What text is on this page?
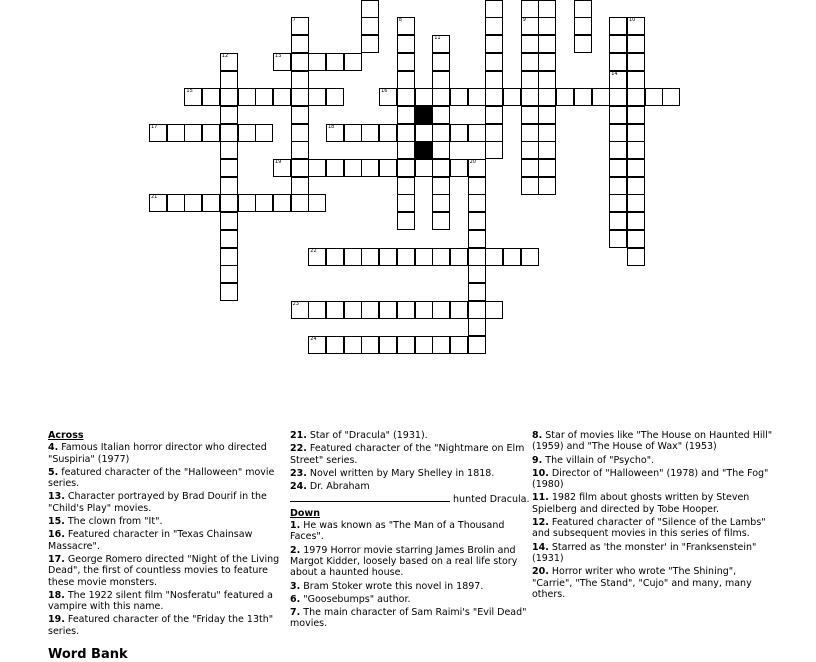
13
15	16
17	18
19	20
21
22
23
24
12
7	8
11
9
14
10
Across

4. Famous Italian horror director who directed "Suspiria" (1977)

5. featured character of the "Halloween" movie series.

13. Character portrayed by Brad Dourif in the "Child's Play" movies.

15. The clown from "It".

16. Featured character in "Texas Chainsaw Massacre".

17. George Romero directed "Night of the Living Dead", the first of countless movies to feature these movie monsters.

18. The 1922 silent film "Nosferatu" featured a vampire with this name.

19. Featured character of the "Friday the 13th" series.

21. Star of "Dracula" (1931).

22. Featured character of the "Nightmare on Elm Street" series.

23. Novel written by Mary Shelley in 1818.

24. Dr. Abraham
hunted Dracula.

Down

1. He was known as "The Man of a Thousand Faces".

2. 1979 Horror movie starring James Brolin and Margot Kidder, loosely based on a real life story about a haunted house.

3. Bram Stoker wrote this novel in 1897.

6. "Goosebumps" author.

7. The main character of Sam Raimi's "Evil Dead" movies.

8. Star of movies like "The House on Haunted Hill" (1959) and "The House of Wax" (1953)

9. The villain of "Psycho".

10. Director of "Halloween" (1978) and "The Fog" (1980)

11. 1982 film about ghosts written by Steven Spielberg and directed by Tobe Hooper.

12. Featured character of "Silence of the Lambs" and subsequent movies in this series of films.

14. Starred as 'the monster' in "Franksenstein" (1931)

20. Horror writer who wrote "The Shining", "Carrie", "The Stand", "Cujo" and many, many others.

Word Bank
